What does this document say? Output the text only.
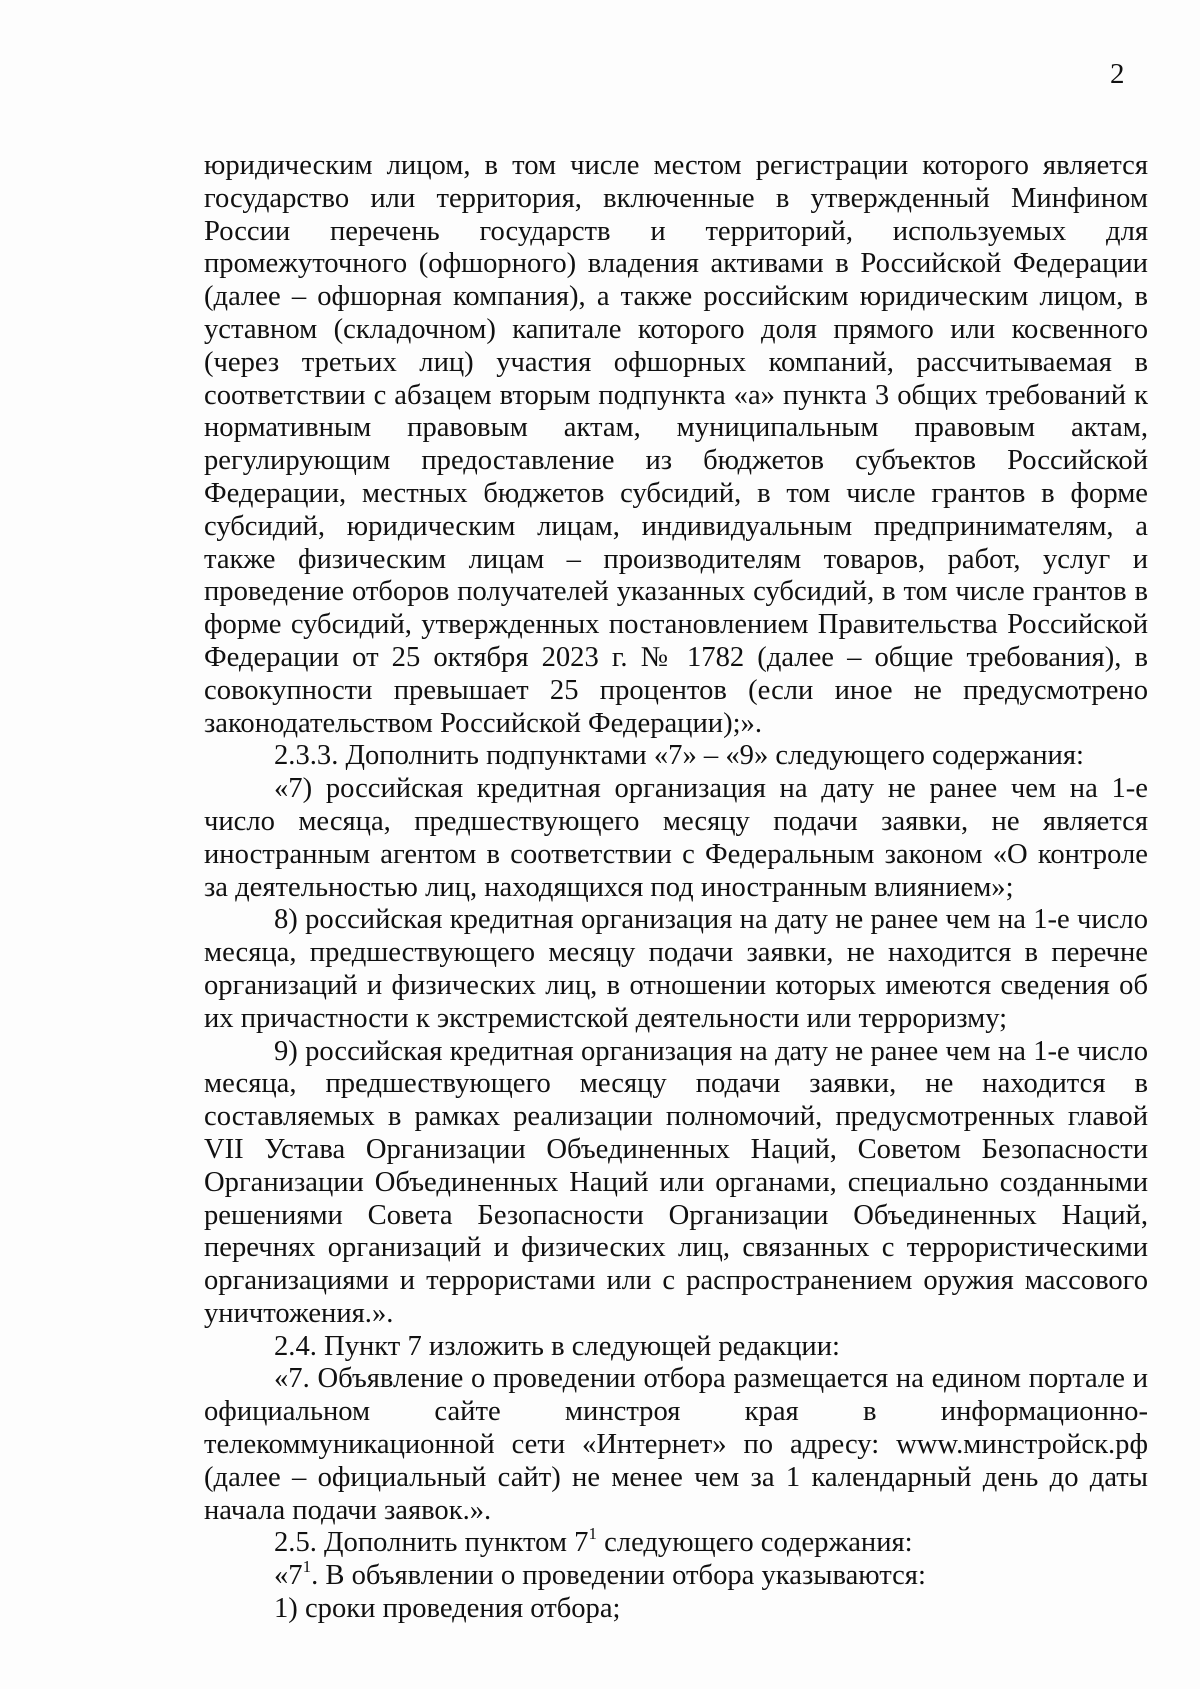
2

юридическим лицом, в том числе местом регистрации которого является государство или территория, включенные в утвержденный Минфином России перечень государств и территорий, используемых для промежуточного (офшорного) владения активами в Российской Федерации (далее – офшорная компания), а также российским юридическим лицом, в уставном (складочном) капитале которого доля прямого или косвенного (через третьих лиц) участия офшорных компаний, рассчитываемая в соответствии с абзацем вторым подпункта «а» пункта 3 общих требований к нормативным правовым актам, муниципальным правовым актам, регулирующим предоставление из бюджетов субъектов Российской Федерации, местных бюджетов субсидий, в том числе грантов в форме субсидий, юридическим лицам, индивидуальным предпринимателям, а также физическим лицам – производителям товаров, работ, услуг и проведение отборов получателей указанных субсидий, в том числе грантов в форме субсидий, утвержденных постановлением Правительства Российской Федерации от 25 октября 2023 г. № 1782 (далее – общие требования), в совокупности превышает 25 процентов (если иное не предусмотрено законодательством Российской Федерации);».

2.3.3. Дополнить подпунктами «7» – «9» следующего содержания:

«7) российская кредитная организация на дату не ранее чем на 1-е число месяца, предшествующего месяцу подачи заявки, не является иностранным агентом в соответствии с Федеральным законом «О контроле за деятельностью лиц, находящихся под иностранным влиянием»;

8) российская кредитная организация на дату не ранее чем на 1-е число месяца, предшествующего месяцу подачи заявки, не находится в перечне организаций и физических лиц, в отношении которых имеются сведения об их причастности к экстремистской деятельности или терроризму;

9) российская кредитная организация на дату не ранее чем на 1-е число месяца, предшествующего месяцу подачи заявки, не находится в составляемых в рамках реализации полномочий, предусмотренных главой VII Устава Организации Объединенных Наций, Советом Безопасности Организации Объединенных Наций или органами, специально созданными решениями Совета Безопасности Организации Объединенных Наций, перечнях организаций и физических лиц, связанных с террористическими организациями и террористами или с распространением оружия массового уничтожения.».

2.4. Пункт 7 изложить в следующей редакции:

«7. Объявление о проведении отбора размещается на едином портале и официальном сайте минстроя края в информационно-телекоммуникационной сети «Интернет» по адресу: www.минстройск.рф (далее – официальный сайт) не менее чем за 1 календарный день до даты начала подачи заявок.».

2.5. Дополнить пунктом $7^1$ следующего содержания:

«$7^1$. В объявлении о проведении отбора указываются:

1) сроки проведения отбора;
